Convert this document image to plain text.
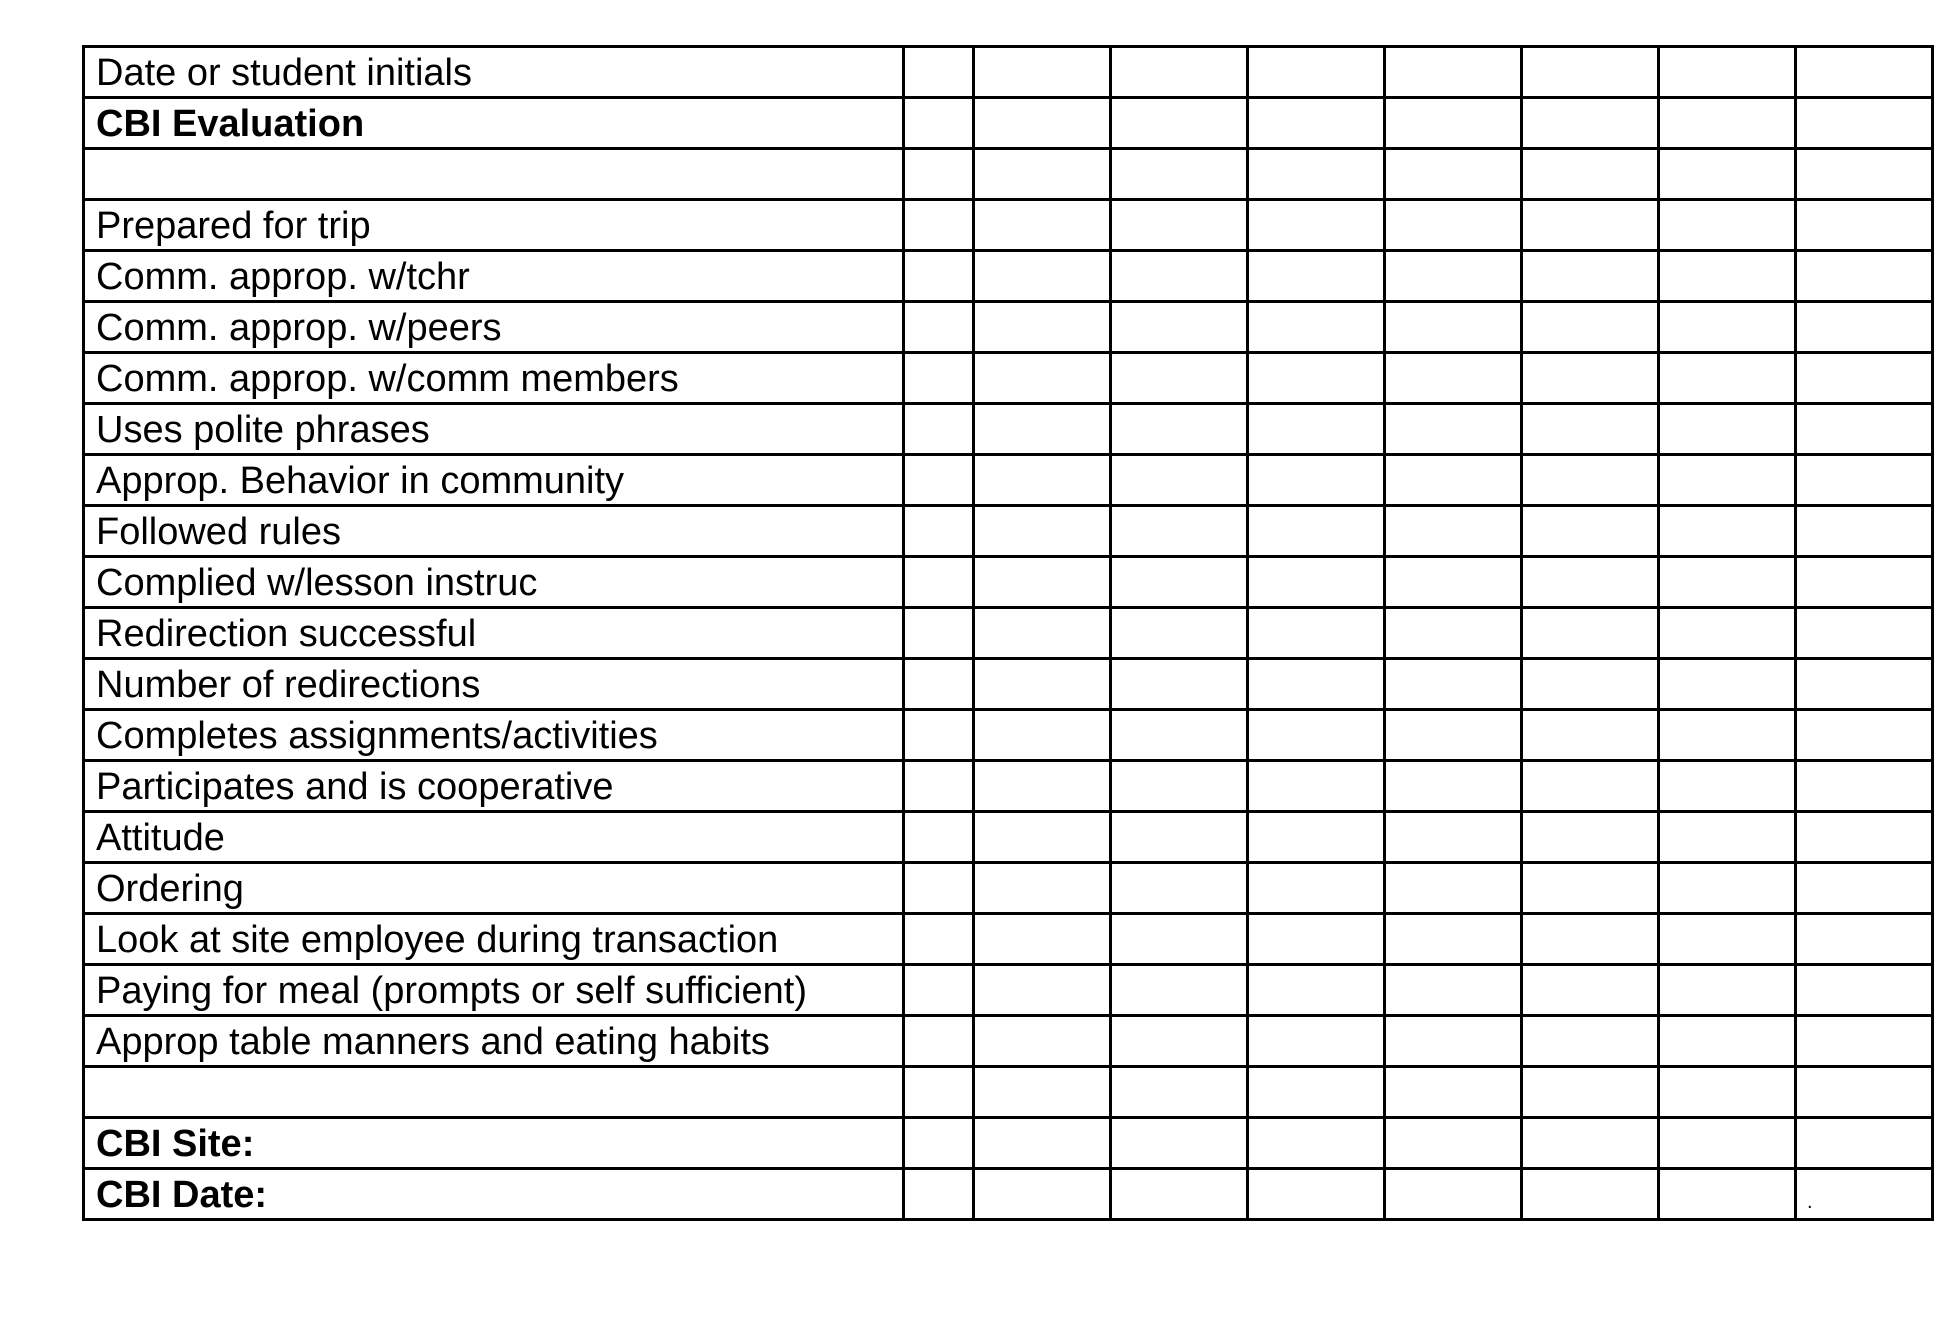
Date or student initials								
CBI Evaluation								

Prepared for trip								
Comm. approp. w/tchr								
Comm. approp. w/peers								
Comm. approp. w/comm members								
Uses polite phrases								
Approp. Behavior in community								
Followed rules								
Complied w/lesson instruc								
Redirection successful								
Number of redirections								
Completes assignments/activities								
Participates and is cooperative								
Attitude								
Ordering								
Look at site employee during transaction								
Paying for meal (prompts or self sufficient)								
Approp table manners and eating habits								

CBI Site:								
CBI Date:								.
